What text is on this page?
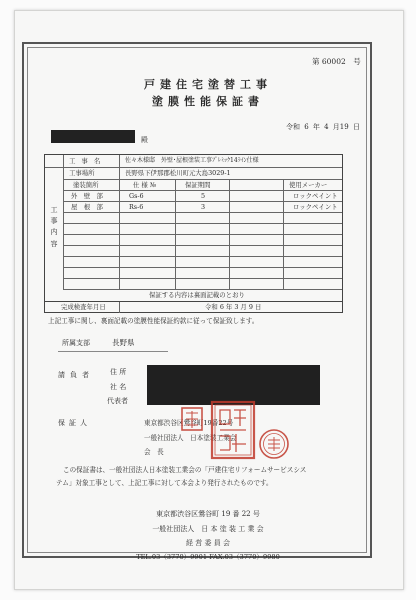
第 60002　号
戸建住宅塗替工事
塗膜性能保証書
令和 6 年 4 月19 日
殿
工事内容
工 事 名	佐々木様邸　外壁･屋根塗装工事ﾌﾟﾚﾐｯｸ14ﾗｲﾝ仕様
工事場所	長野県下伊那郡松川町元大島3029-1
塗装箇所	仕 様 №	保証期間	使用メーカー
外　壁　部	Gs-6	5	ロックペイント
屋　根　部	Rs-6	3	ロックペイント
保証する内容は裏面記載のとおり
完成検査年月日	令和 6 年 3 月 9 日
上記工事に関し、裏面記載の塗膜性能保証約款に従って保証致します。
所属支部	長野県
請負者 住 所
社 名
代表者
保証人	東京都渋谷区鶯谷町19番22号
一般社団法人　日本塗装工業会
会　長
この保証書は、一般社団法人日本塗装工業会の「戸建住宅リフォームサービスシス
テム」対象工事として、上記工事に対して本会より発行されたものです。
東京都渋谷区鶯谷町 19 番 22 号
一般社団法人　日 本 塗 装 工 業 会
経 営 委 員 会
TEL.03（3770）9901 FAX.03（3770）9980
